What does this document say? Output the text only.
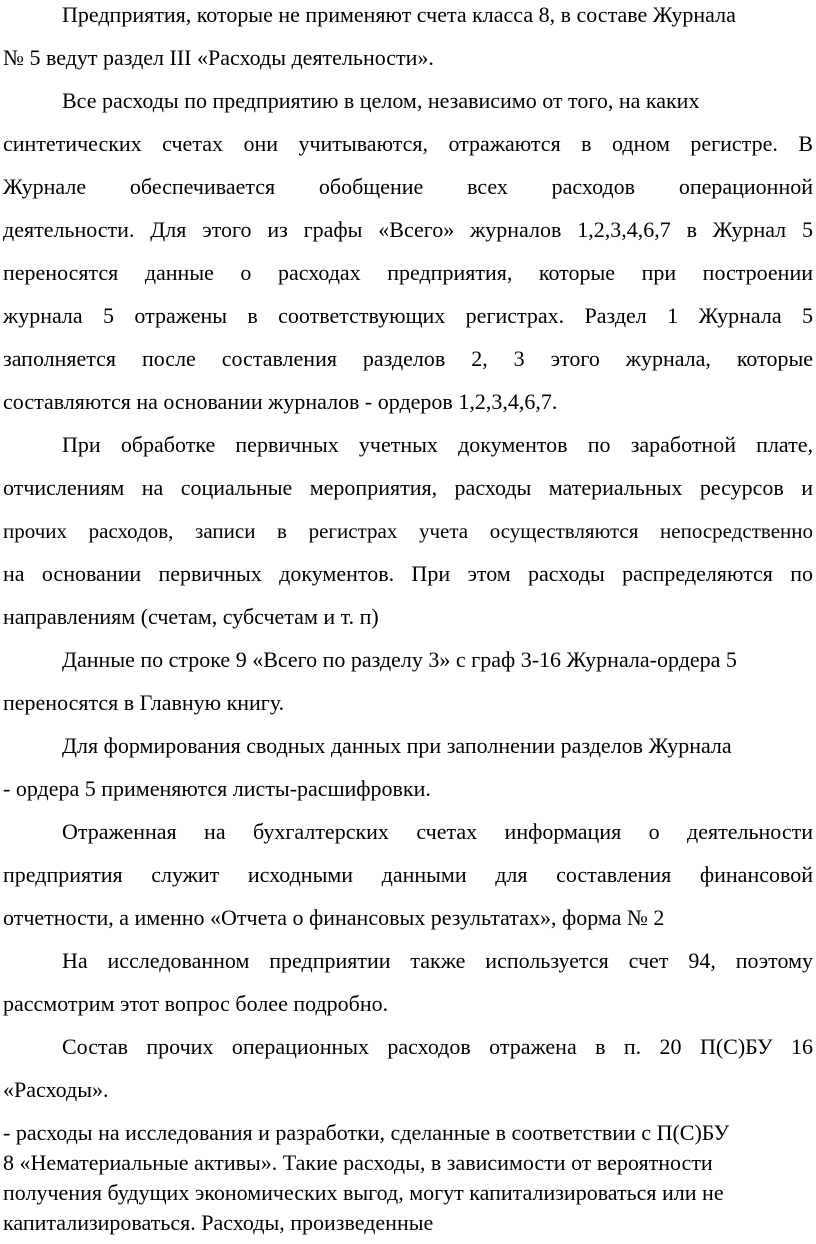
Предприятия, которые не применяют счета класса 8, в составе Журнала
№ 5 ведут раздел III «Расходы деятельности».
Все расходы по предприятию в целом, независимо от того, на каких
синтетических счетах они учитываются, отражаются в одном регистре. В
Журнале обеспечивается обобщение всех расходов операционной
деятельности. Для этого из графы «Всего» журналов 1,2,3,4,6,7 в Журнал 5
переносятся данные о расходах предприятия, которые при построении
журнала 5 отражены в соответствующих регистрах. Раздел 1 Журнала 5
заполняется после составления разделов 2, 3 этого журнала, которые
составляются на основании журналов - ордеров 1,2,3,4,6,7.
При обработке первичных учетных документов по заработной плате,
отчислениям на социальные мероприятия, расходы материальных ресурсов и
прочих расходов, записи в регистрах учета осуществляются непосредственно
на основании первичных документов. При этом расходы распределяются по
направлениям (счетам, субсчетам и т. п)
Данные по строке 9 «Всего по разделу 3» с граф 3-16 Журнала-ордера 5
переносятся в Главную книгу.
Для формирования сводных данных при заполнении разделов Журнала
- ордера 5 применяются листы-расшифровки.
Отраженная на бухгалтерских счетах информация о деятельности
предприятия служит исходными данными для составления финансовой
отчетности, а именно «Отчета о финансовых результатах», форма № 2
На исследованном предприятии также используется счет 94, поэтому
рассмотрим этот вопрос более подробно.
Состав прочих операционных расходов отражена в п. 20 П(С)БУ 16
«Расходы».
- расходы на исследования и разработки, сделанные в соответствии с П(С)БУ
8 «Нематериальные активы». Такие расходы, в зависимости от вероятности
получения будущих экономических выгод, могут капитализироваться или не
капитализироваться. Расходы, произведенные
